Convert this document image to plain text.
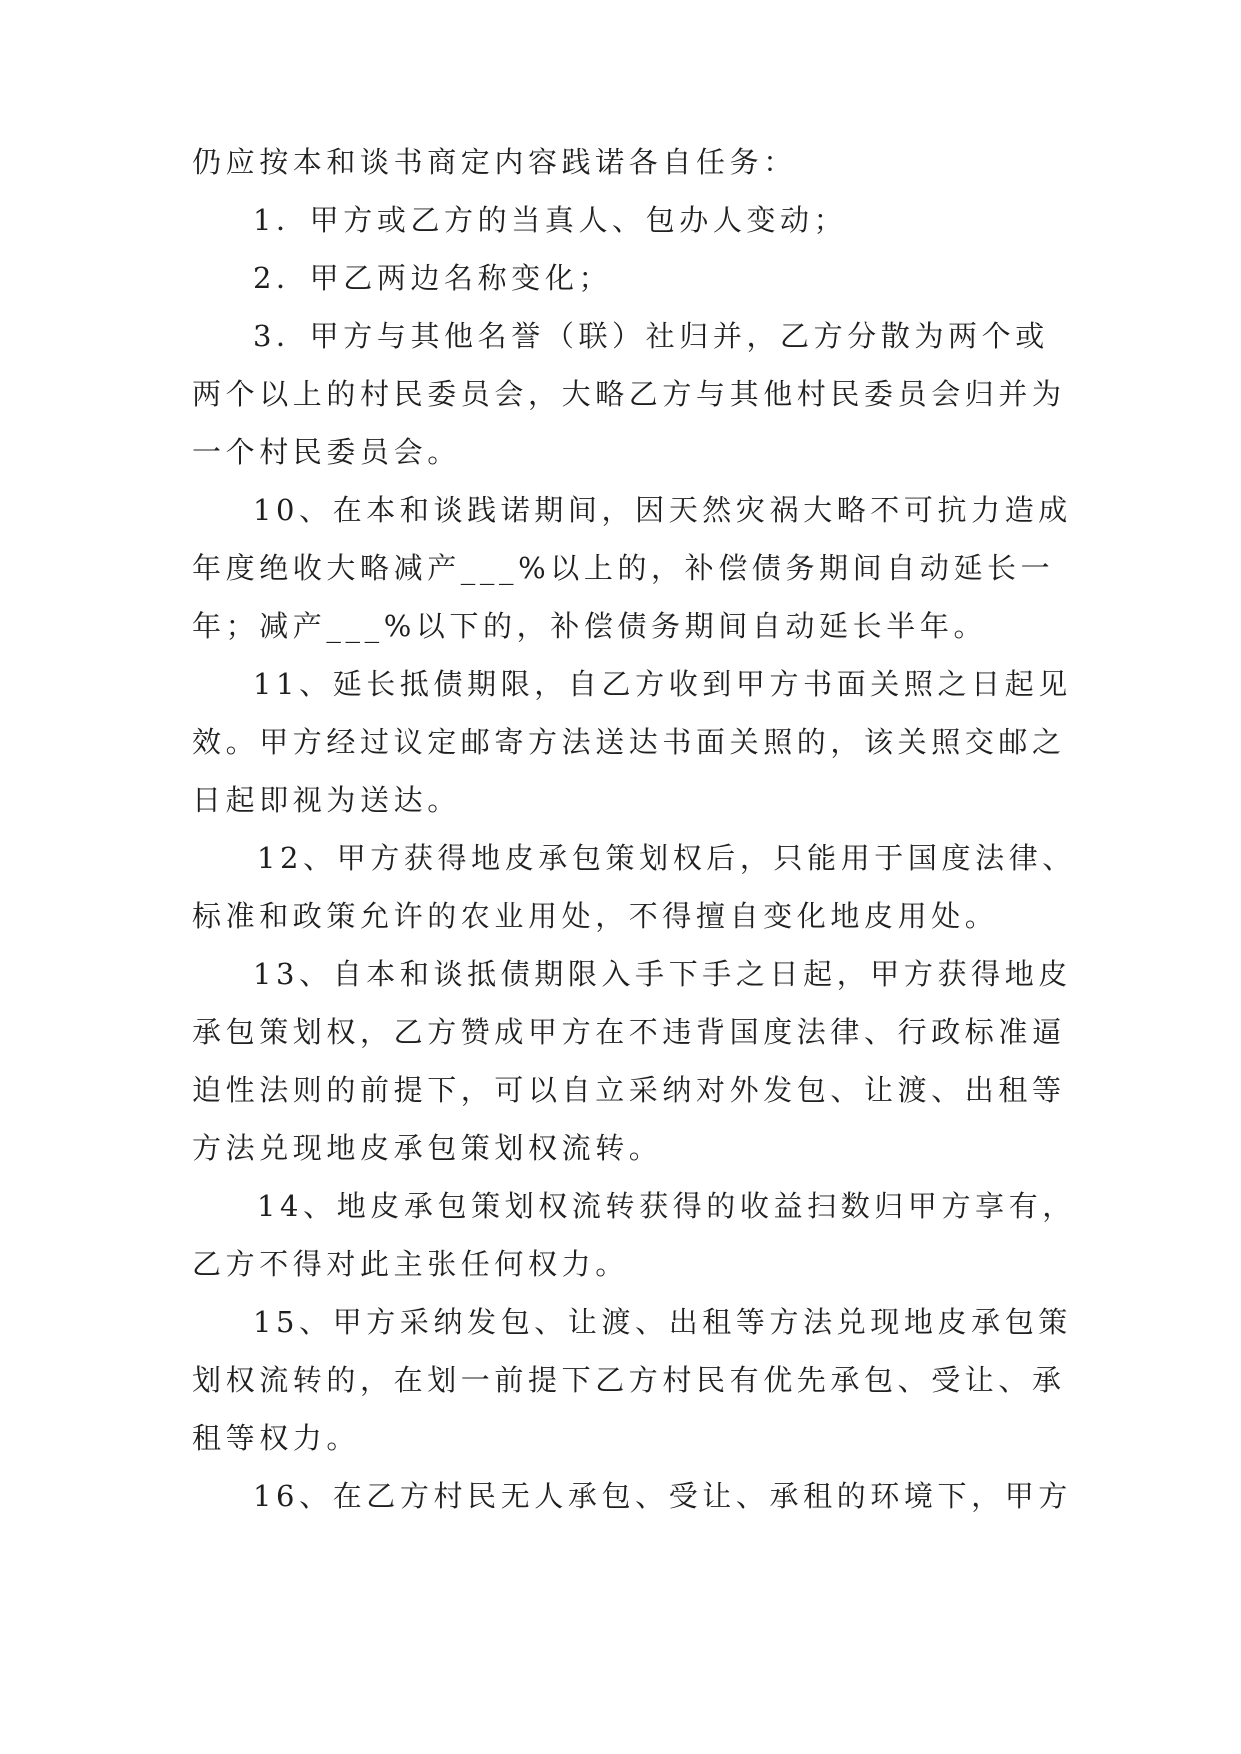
仍应按本和谈书商定内容践诺各自任务：
1．甲方或乙方的当真人、包办人变动；
2．甲乙两边名称变化；
3．甲方与其他名誉（联）社归并，乙方分散为两个或
两个以上的村民委员会，大略乙方与其他村民委员会归并为
一个村民委员会。
10、在本和谈践诺期间，因天然灾祸大略不可抗力造成
年度绝收大略减产___%以上的，补偿债务期间自动延长一
年；减产___%以下的，补偿债务期间自动延长半年。
11、延长抵债期限，自乙方收到甲方书面关照之日起见
效。甲方经过议定邮寄方法送达书面关照的，该关照交邮之
日起即视为送达。
12、甲方获得地皮承包策划权后，只能用于国度法律、
标准和政策允许的农业用处，不得擅自变化地皮用处。
13、自本和谈抵债期限入手下手之日起，甲方获得地皮
承包策划权，乙方赞成甲方在不违背国度法律、行政标准逼
迫性法则的前提下，可以自立采纳对外发包、让渡、出租等
方法兑现地皮承包策划权流转。
14、地皮承包策划权流转获得的收益扫数归甲方享有，
乙方不得对此主张任何权力。
15、甲方采纳发包、让渡、出租等方法兑现地皮承包策
划权流转的，在划一前提下乙方村民有优先承包、受让、承
租等权力。
16、在乙方村民无人承包、受让、承租的环境下，甲方
